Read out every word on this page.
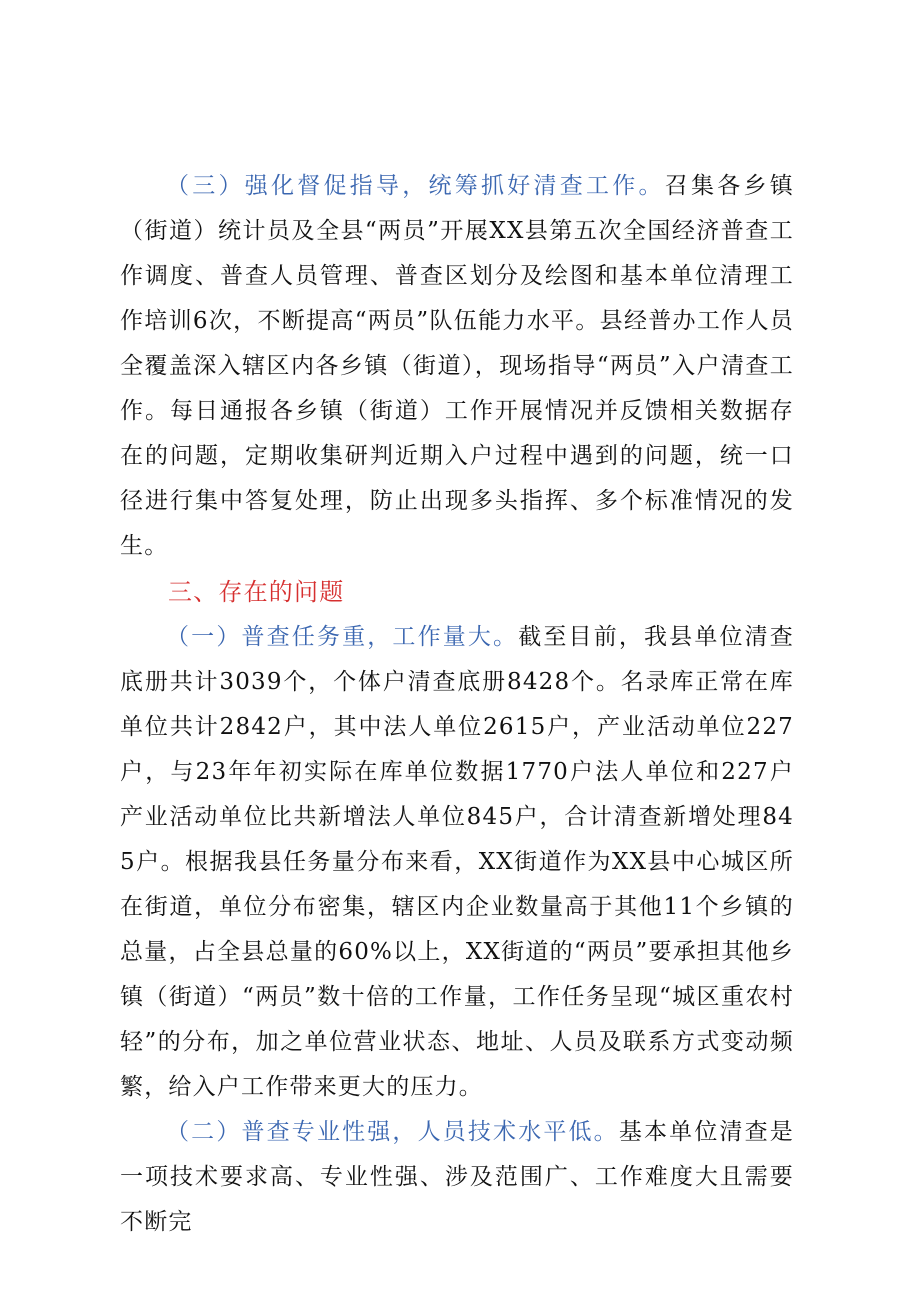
（三）强化督促指导，统筹抓好清查工作。召集各乡镇（街道）统计员及全县“两员”开展XX县第五次全国经济普查工作调度、普查人员管理、普查区划分及绘图和基本单位清理工作培训6次，不断提高“两员”队伍能力水平。县经普办工作人员全覆盖深入辖区内各乡镇（街道），现场指导“两员”入户清查工作。每日通报各乡镇（街道）工作开展情况并反馈相关数据存在的问题，定期收集研判近期入户过程中遇到的问题，统一口径进行集中答复处理，防止出现多头指挥、多个标准情况的发生。

三、存在的问题

（一）普查任务重，工作量大。截至目前，我县单位清查底册共计3039个，个体户清查底册8428个。名录库正常在库单位共计2842户，其中法人单位2615户，产业活动单位227户，与23年年初实际在库单位数据1770户法人单位和227户产业活动单位比共新增法人单位845户，合计清查新增处理845户。根据我县任务量分布来看，XX街道作为XX县中心城区所在街道，单位分布密集，辖区内企业数量高于其他11个乡镇的总量，占全县总量的60%以上，XX街道的“两员”要承担其他乡镇（街道）“两员”数十倍的工作量，工作任务呈现“城区重农村轻”的分布，加之单位营业状态、地址、人员及联系方式变动频繁，给入户工作带来更大的压力。

（二）普查专业性强，人员技术水平低。基本单位清查是一项技术要求高、专业性强、涉及范围广、工作难度大且需要不断完
